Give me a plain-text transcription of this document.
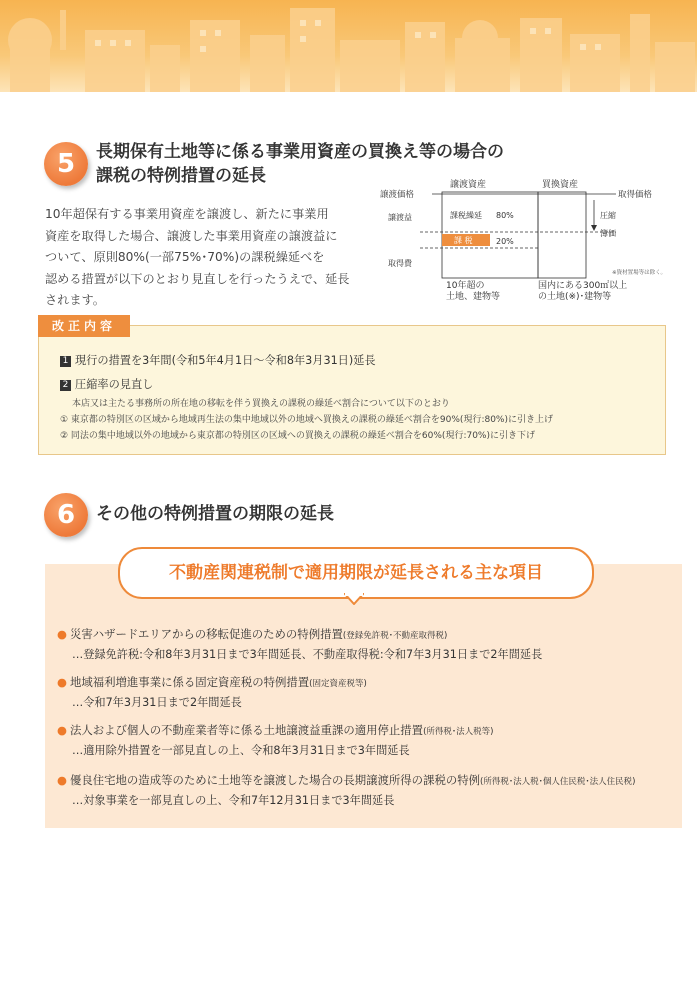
5	長期保有土地等に係る事業用資産の買換え等の場合の
課税の特例措置の延長
10年超保有する事業用資産を譲渡し、新たに事業用
資産を取得した場合、譲渡した事業用資産の譲渡益に
ついて、原則80%(一部75%･70%)の課税繰延べを
認める措置が以下のとおり見直しを行ったうえで、延長
されます。
譲渡資産	買換資産
譲渡価格	取得価格
譲渡益
取得費
課税繰延 80%
課 税	20%
圧縮
簿価
※資材置場等は除く。
10年超の
土地、建物等
国内にある300㎡以上
の土地(※)･建物等
改正内容
1 現行の措置を3年間(令和5年4月1日～令和8年3月31日)延長
2 圧縮率の見直し
本店又は主たる事務所の所在地の移転を伴う買換えの課税の繰延べ割合について以下のとおり
① 東京都の特別区の区域から地域再生法の集中地域以外の地域へ買換えの課税の繰延べ割合を90%(現行:80%)に引き上げ
② 同法の集中地域以外の地域から東京都の特別区の区域への買換えの課税の繰延べ割合を60%(現行:70%)に引き下げ
6	その他の特例措置の期限の延長
不動産関連税制で適用期限が延長される主な項目
● 災害ハザードエリアからの移転促進のための特例措置(登録免許税･不動産取得税)
…登録免許税:令和8年3月31日まで3年間延長、不動産取得税:令和7年3月31日まで2年間延長
● 地域福利増進事業に係る固定資産税の特例措置(固定資産税等)
…令和7年3月31日まで2年間延長
● 法人および個人の不動産業者等に係る土地譲渡益重課の適用停止措置(所得税･法人税等)
…適用除外措置を一部見直しの上、令和8年3月31日まで3年間延長
● 優良住宅地の造成等のために土地等を譲渡した場合の長期譲渡所得の課税の特例(所得税･法人税･個人住民税･法人住民税)
…対象事業を一部見直しの上、令和7年12月31日まで3年間延長
